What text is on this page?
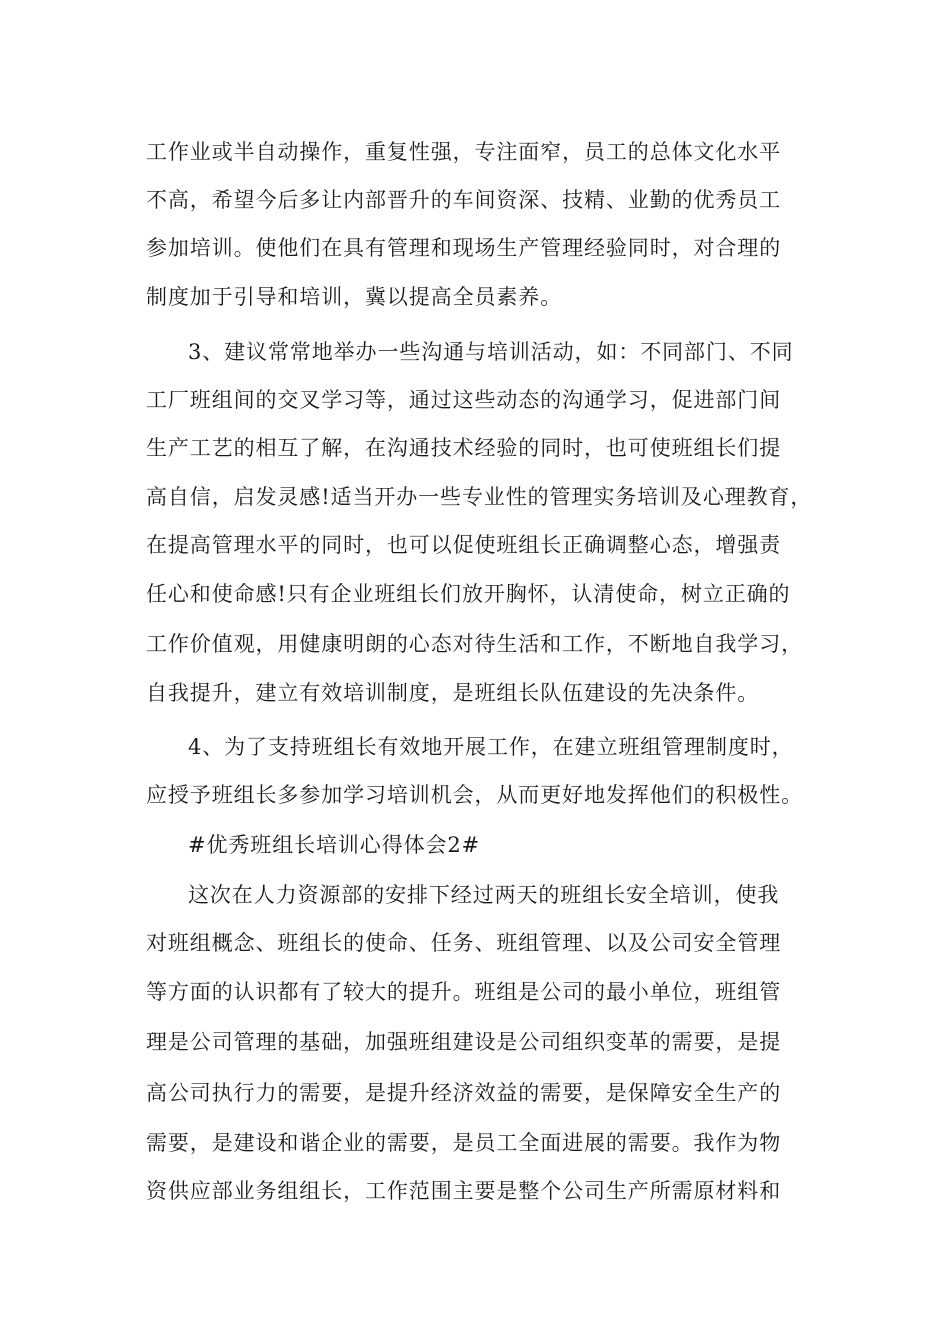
工作业或半自动操作，重复性强，专注面窄，员工的总体文化水平
不高，希望今后多让内部晋升的车间资深、技精、业勤的优秀员工
参加培训。使他们在具有管理和现场生产管理经验同时，对合理的
制度加于引导和培训，冀以提高全员素养。
3、建议常常地举办一些沟通与培训活动，如：不同部门、不同
工厂班组间的交叉学习等，通过这些动态的沟通学习，促进部门间
生产工艺的相互了解，在沟通技术经验的同时，也可使班组长们提
高自信，启发灵感!适当开办一些专业性的管理实务培训及心理教育，
在提高管理水平的同时，也可以促使班组长正确调整心态，增强责
任心和使命感!只有企业班组长们放开胸怀，认清使命，树立正确的
工作价值观，用健康明朗的心态对待生活和工作，不断地自我学习，
自我提升，建立有效培训制度，是班组长队伍建设的先决条件。
4、为了支持班组长有效地开展工作，在建立班组管理制度时，
应授予班组长多参加学习培训机会，从而更好地发挥他们的积极性。
#优秀班组长培训心得体会2#
这次在人力资源部的安排下经过两天的班组长安全培训，使我
对班组概念、班组长的使命、任务、班组管理、以及公司安全管理
等方面的认识都有了较大的提升。班组是公司的最小单位，班组管
理是公司管理的基础，加强班组建设是公司组织变革的需要，是提
高公司执行力的需要，是提升经济效益的需要，是保障安全生产的
需要，是建设和谐企业的需要，是员工全面进展的需要。我作为物
资供应部业务组组长，工作范围主要是整个公司生产所需原材料和
